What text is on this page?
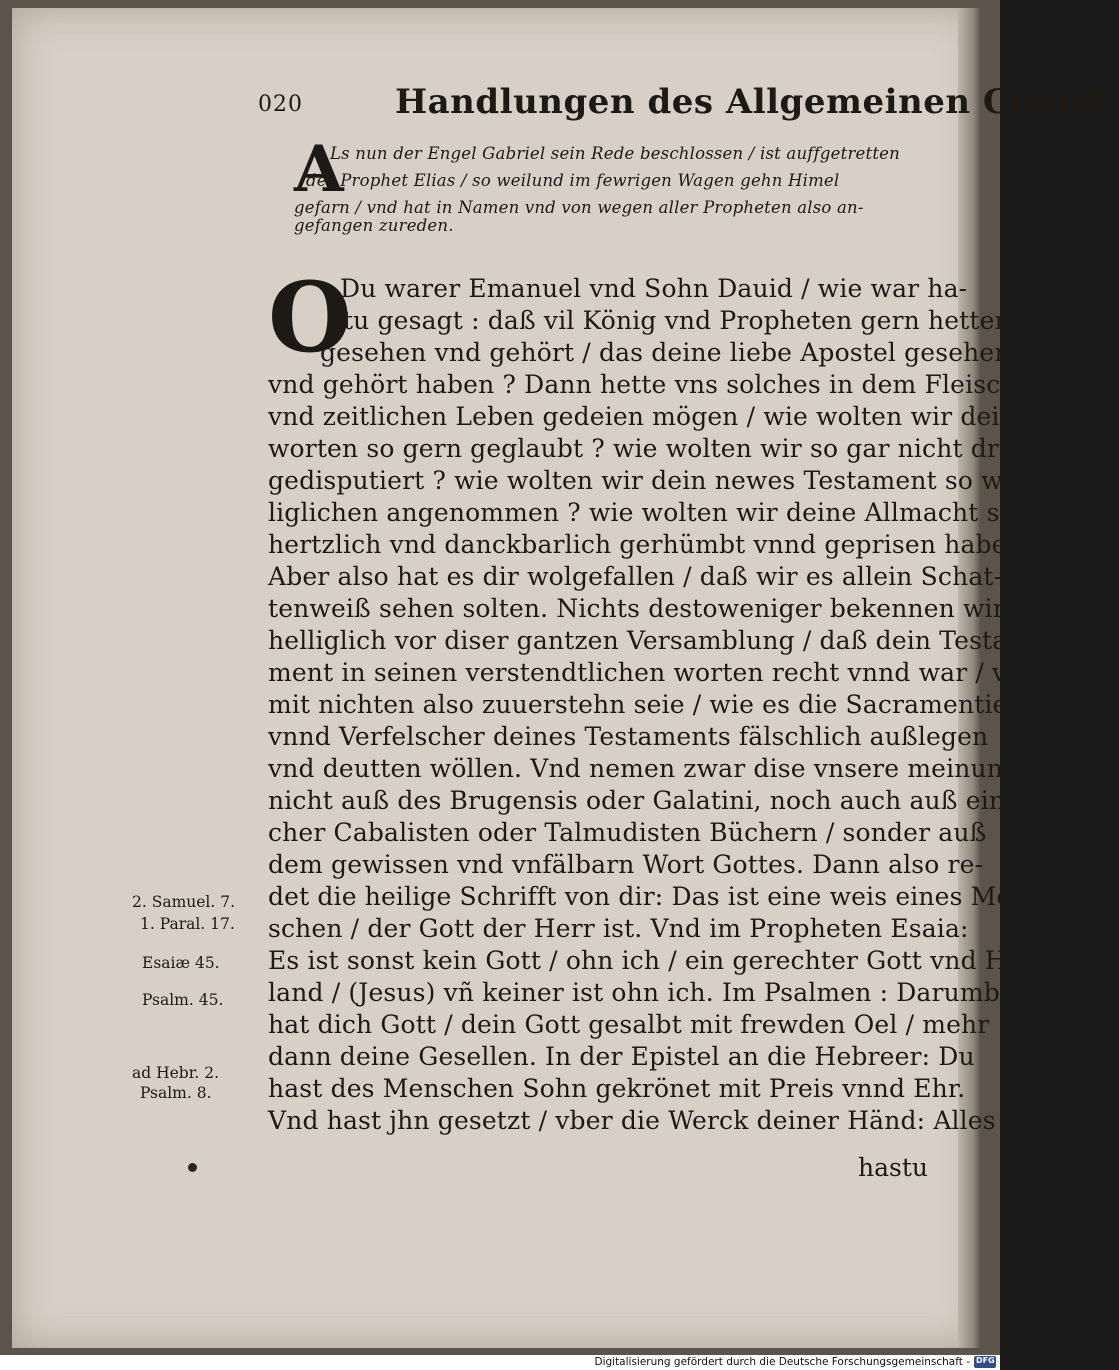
020	Handlungen des Allgemeinen Concil.
A
Ls nun der Engel Gabriel sein Rede beschlossen / ist auffgetretten
der Prophet Elias / so weilund im fewrigen Wagen gehn Himel
gefarn / vnd hat in Namen vnd von wegen aller Propheten also an-
gefangen zureden.
O
Du warer Emanuel vnd Sohn Dauid / wie war ha-
stu gesagt : daß vil König vnd Propheten gern hetten
gesehen vnd gehört / das deine liebe Apostel gesehen
vnd gehört haben ? Dann hette vns solches in dem Fleisch
vnd zeitlichen Leben gedeien mögen / wie wolten wir deinen
worten so gern geglaubt ? wie wolten wir so gar nicht drüber
gedisputiert ? wie wolten wir dein newes Testament so wil-
liglichen angenommen ? wie wolten wir deine Allmacht so
hertzlich vnd danckbarlich gerhümbt vnnd geprisen haben?
Aber also hat es dir wolgefallen / daß wir es allein Schat-
tenweiß sehen solten. Nichts destoweniger bekennen wir ein-
helliglich vor diser gantzen Versamblung / daß dein Testa-
ment in seinen verstendtlichen worten recht vnnd war / vnd
mit nichten also zuuerstehn seie / wie es die Sacramentierer
vnnd Verfelscher deines Testaments fälschlich außlegen
vnd deutten wöllen. Vnd nemen zwar dise vnsere meinung
nicht auß des Brugensis oder Galatini, noch auch auß eini-
cher Cabalisten oder Talmudisten Büchern / sonder auß
dem gewissen vnd vnfälbarn Wort Gottes. Dann also re-
det die heilige Schrifft von dir: Das ist eine weis eines Men-
schen / der Gott der Herr ist. Vnd im Propheten Esaia:
Es ist sonst kein Gott / ohn ich / ein gerechter Gott vnd Hei-
land / (Jesus) vñ keiner ist ohn ich. Im Psalmen : Darumb
hat dich Gott / dein Gott gesalbt mit frewden Oel / mehr
dann deine Gesellen. In der Epistel an die Hebreer: Du
hast des Menschen Sohn gekrönet mit Preis vnnd Ehr.
Vnd hast jhn gesetzt / vber die Werck deiner Händ: Alles
hastu
2. Samuel. 7.
1. Paral. 17.
Esaiæ 45.
Psalm. 45.
ad Hebr. 2.
Psalm. 8.
Digitalisierung gefördert durch die Deutsche Forschungsgemeinschaft - DFG
